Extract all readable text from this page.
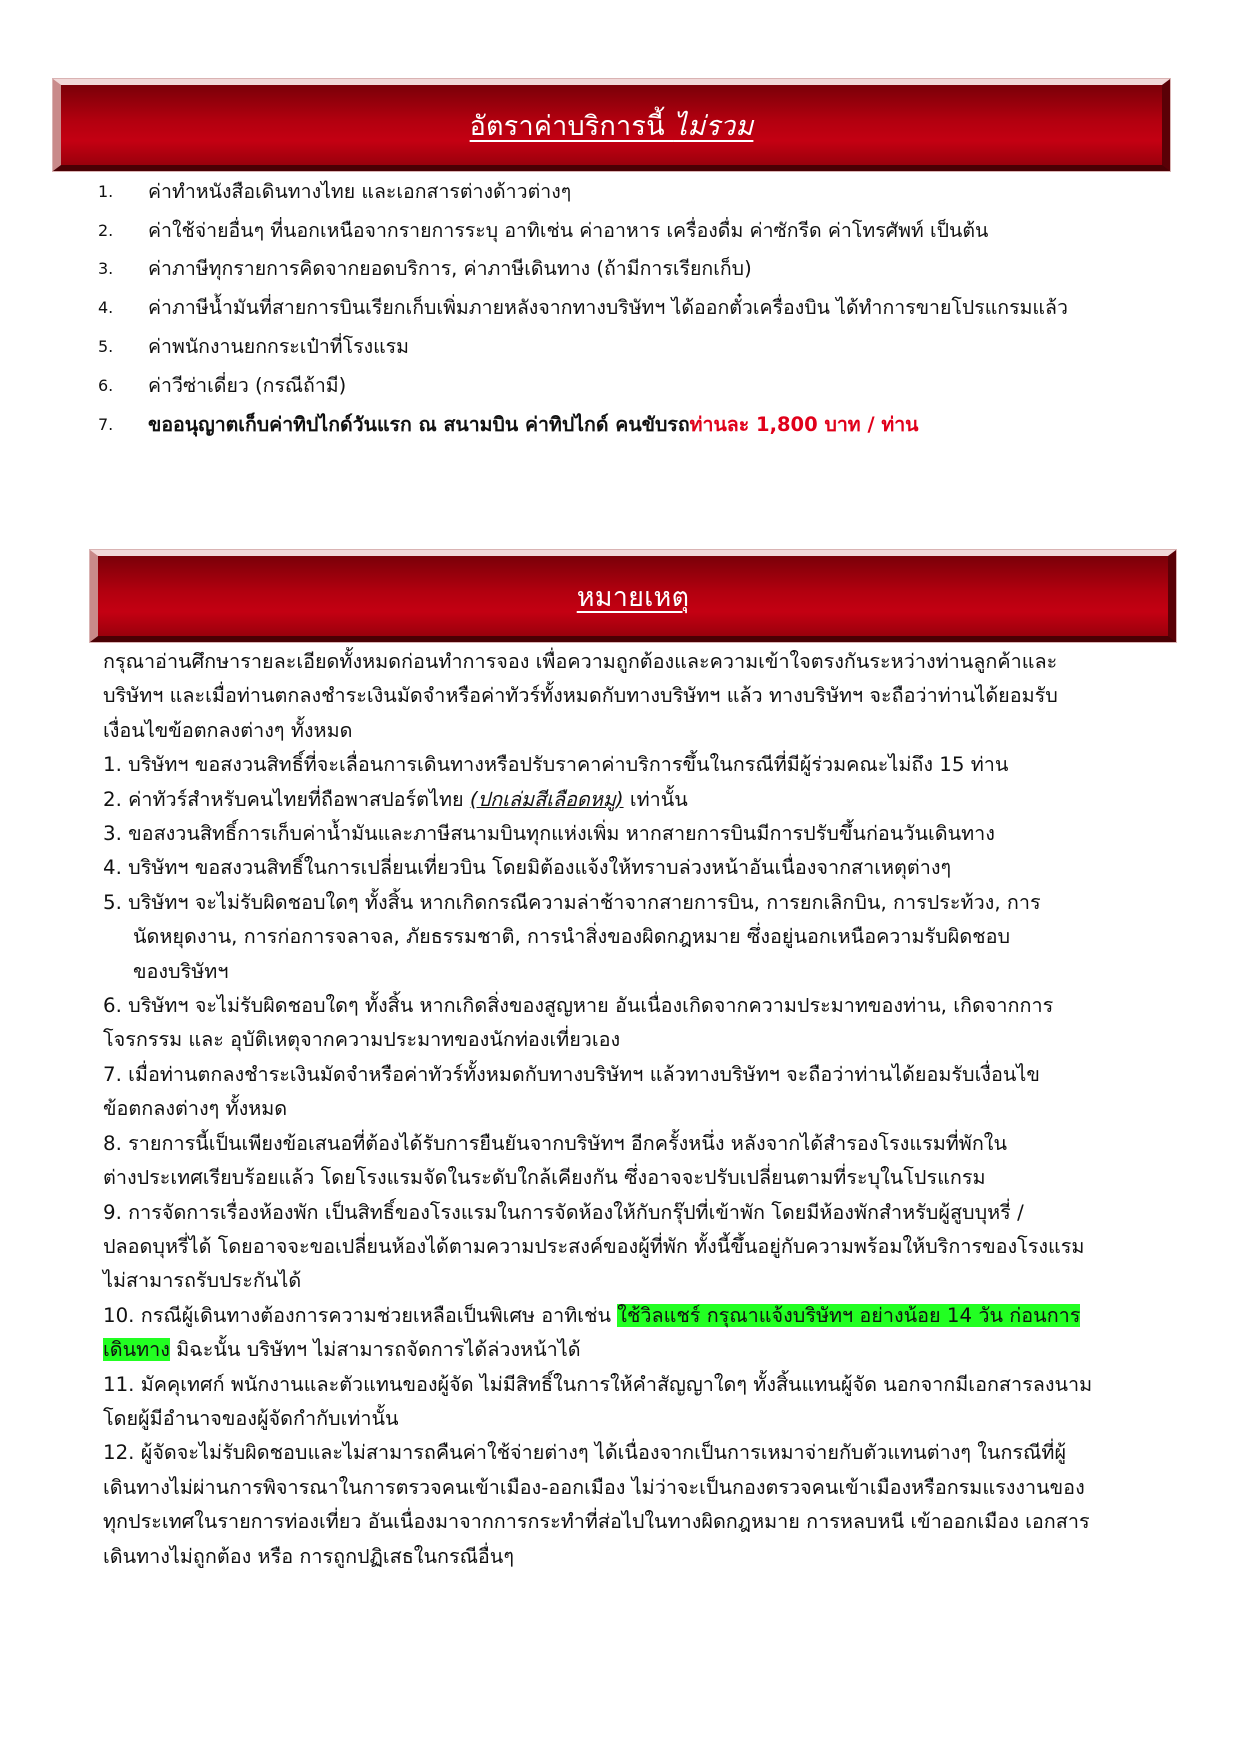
อัตราค่าบริการนี้ ไม่รวม
1.	ค่าทำหนังสือเดินทางไทย และเอกสารต่างด้าวต่างๆ
2.	ค่าใช้จ่ายอื่นๆ ที่นอกเหนือจากรายการระบุ อาทิเช่น ค่าอาหาร เครื่องดื่ม ค่าซักรีด ค่าโทรศัพท์ เป็นต้น
3.	ค่าภาษีทุกรายการคิดจากยอดบริการ, ค่าภาษีเดินทาง (ถ้ามีการเรียกเก็บ)
4.	ค่าภาษีน้ำมันที่สายการบินเรียกเก็บเพิ่มภายหลังจากทางบริษัทฯ ได้ออกตั๋วเครื่องบิน ได้ทำการขายโปรแกรมแล้ว
5.	ค่าพนักงานยกกระเป๋าที่โรงแรม
6.	ค่าวีซ่าเดี่ยว (กรณีถ้ามี)
7.	ขออนุญาตเก็บค่าทิปไกด์วันแรก ณ สนามบิน ค่าทิปไกด์ คนขับรถ ท่านละ 1,800 บาท / ท่าน
หมายเหตุ

กรุณาอ่านศึกษารายละเอียดทั้งหมดก่อนทำการจอง เพื่อความถูกต้องและความเข้าใจตรงกันระหว่างท่านลูกค้าและ

บริษัทฯ และเมื่อท่านตกลงชำระเงินมัดจำหรือค่าทัวร์ทั้งหมดกับทางบริษัทฯ แล้ว ทางบริษัทฯ จะถือว่าท่านได้ยอมรับ

เงื่อนไขข้อตกลงต่างๆ ทั้งหมด

1. บริษัทฯ ขอสงวนสิทธิ์ที่จะเลื่อนการเดินทางหรือปรับราคาค่าบริการขึ้นในกรณีที่มีผู้ร่วมคณะไม่ถึง 15 ท่าน

2. ค่าทัวร์สำหรับคนไทยที่ถือพาสปอร์ตไทย (ปกเล่มสีเลือดหมู) เท่านั้น

3. ขอสงวนสิทธิ์การเก็บค่าน้ำมันและภาษีสนามบินทุกแห่งเพิ่ม หากสายการบินมีการปรับขึ้นก่อนวันเดินทาง

4. บริษัทฯ ขอสงวนสิทธิ์ในการเปลี่ยนเที่ยวบิน โดยมิต้องแจ้งให้ทราบล่วงหน้าอันเนื่องจากสาเหตุต่างๆ

5. บริษัทฯ จะไม่รับผิดชอบใดๆ ทั้งสิ้น หากเกิดกรณีความล่าช้าจากสายการบิน, การยกเลิกบิน, การประท้วง, การ

นัดหยุดงาน, การก่อการจลาจล, ภัยธรรมชาติ, การนำสิ่งของผิดกฎหมาย ซึ่งอยู่นอกเหนือความรับผิดชอบ

ของบริษัทฯ

6. บริษัทฯ จะไม่รับผิดชอบใดๆ ทั้งสิ้น หากเกิดสิ่งของสูญหาย อันเนื่องเกิดจากความประมาทของท่าน, เกิดจากการ

โจรกรรม และ อุบัติเหตุจากความประมาทของนักท่องเที่ยวเอง

7. เมื่อท่านตกลงชำระเงินมัดจำหรือค่าทัวร์ทั้งหมดกับทางบริษัทฯ แล้วทางบริษัทฯ จะถือว่าท่านได้ยอมรับเงื่อนไข

ข้อตกลงต่างๆ ทั้งหมด

8. รายการนี้เป็นเพียงข้อเสนอที่ต้องได้รับการยืนยันจากบริษัทฯ อีกครั้งหนึ่ง หลังจากได้สำรองโรงแรมที่พักใน

ต่างประเทศเรียบร้อยแล้ว โดยโรงแรมจัดในระดับใกล้เคียงกัน ซึ่งอาจจะปรับเปลี่ยนตามที่ระบุในโปรแกรม

9. การจัดการเรื่องห้องพัก เป็นสิทธิ์ของโรงแรมในการจัดห้องให้กับกรุ๊ปที่เข้าพัก โดยมีห้องพักสำหรับผู้สูบบุหรี่ /

ปลอดบุหรี่ได้ โดยอาจจะขอเปลี่ยนห้องได้ตามความประสงค์ของผู้ที่พัก ทั้งนี้ขึ้นอยู่กับความพร้อมให้บริการของโรงแรม

ไม่สามารถรับประกันได้

10. กรณีผู้เดินทางต้องการความช่วยเหลือเป็นพิเศษ อาทิเช่น ใช้วิลแชร์ กรุณาแจ้งบริษัทฯ อย่างน้อย 14 วัน ก่อนการ

เดินทาง มิฉะนั้น บริษัทฯ ไม่สามารถจัดการได้ล่วงหน้าได้

11. มัคคุเทศก์ พนักงานและตัวแทนของผู้จัด ไม่มีสิทธิ์ในการให้คำสัญญาใดๆ ทั้งสิ้นแทนผู้จัด นอกจากมีเอกสารลงนาม

โดยผู้มีอำนาจของผู้จัดกำกับเท่านั้น

12. ผู้จัดจะไม่รับผิดชอบและไม่สามารถคืนค่าใช้จ่ายต่างๆ ได้เนื่องจากเป็นการเหมาจ่ายกับตัวแทนต่างๆ ในกรณีที่ผู้

เดินทางไม่ผ่านการพิจารณาในการตรวจคนเข้าเมือง-ออกเมือง ไม่ว่าจะเป็นกองตรวจคนเข้าเมืองหรือกรมแรงงานของ

ทุกประเทศในรายการท่องเที่ยว อันเนื่องมาจากการกระทำที่ส่อไปในทางผิดกฎหมาย การหลบหนี เข้าออกเมือง เอกสาร

เดินทางไม่ถูกต้อง หรือ การถูกปฏิเสธในกรณีอื่นๆ
